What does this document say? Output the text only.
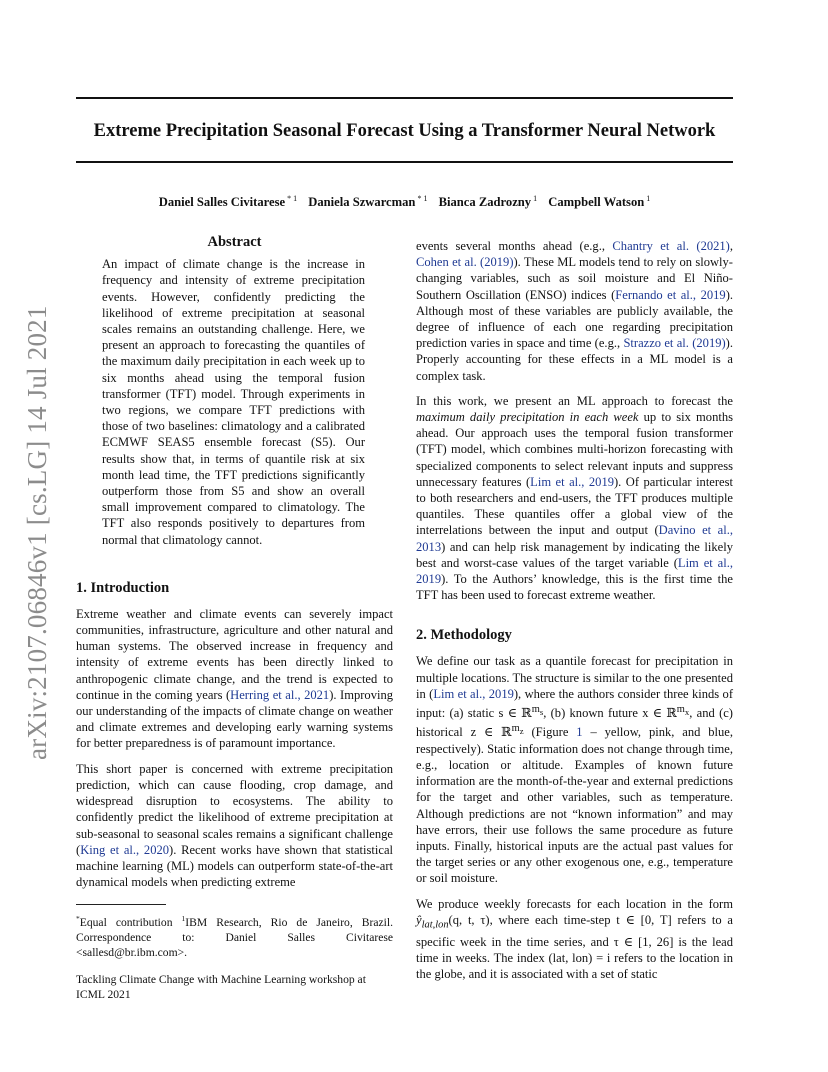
Extreme Precipitation Seasonal Forecast Using a Transformer Neural Network

Daniel Salles Civitarese $^{* 1}$ Daniela Szwarcman $^{* 1}$ Bianca Zadrozny $^1$ Campbell Watson $^1$

arXiv:2107.06846v1 [cs.LG] 14 Jul 2021
Abstract

An impact of climate change is the increase in frequency and intensity of extreme precipitation events. However, confidently predicting the likelihood of extreme precipitation at seasonal scales remains an outstanding challenge. Here, we present an approach to forecasting the quantiles of the maximum daily precipitation in each week up to six months ahead using the temporal fusion transformer (TFT) model. Through experiments in two regions, we compare TFT predictions with those of two baselines: climatology and a calibrated ECMWF SEAS5 ensemble forecast (S5). Our results show that, in terms of quantile risk at six month lead time, the TFT predictions significantly outperform those from S5 and show an overall small improvement compared to climatology. The TFT also responds positively to departures from normal that climatology cannot.

1. Introduction

Extreme weather and climate events can severely impact communities, infrastructure, agriculture and other natural and human systems. The observed increase in frequency and intensity of extreme events has been directly linked to anthropogenic climate change, and the trend is expected to continue in the coming years (Herring et al., 2021). Improving our understanding of the impacts of climate change on weather and climate extremes and developing early warning systems for better preparedness is of paramount importance.

This short paper is concerned with extreme precipitation prediction, which can cause flooding, crop damage, and widespread disruption to ecosystems. The ability to confidently predict the likelihood of extreme precipitation at sub-seasonal to seasonal scales remains a significant challenge (King et al., 2020). Recent works have shown that statistical machine learning (ML) models can outperform state-of-the-art dynamical models when predicting extreme

*Equal contribution $^1$IBM Research, Rio de Janeiro, Brazil. Correspondence to: Daniel Salles Civitarese <sallesd@br.ibm.com>.

Tackling Climate Change with Machine Learning workshop at ICML 2021

events several months ahead (e.g., Chantry et al. (2021), Cohen et al. (2019)). These ML models tend to rely on slowly-changing variables, such as soil moisture and El Niño-Southern Oscillation (ENSO) indices (Fernando et al., 2019). Although most of these variables are publicly available, the degree of influence of each one regarding precipitation prediction varies in space and time (e.g., Strazzo et al. (2019)). Properly accounting for these effects in a ML model is a complex task.

In this work, we present an ML approach to forecast the maximum daily precipitation in each week up to six months ahead. Our approach uses the temporal fusion transformer (TFT) model, which combines multi-horizon forecasting with specialized components to select relevant inputs and suppress unnecessary features (Lim et al., 2019). Of particular interest to both researchers and end-users, the TFT produces multiple quantiles. These quantiles offer a global view of the interrelations between the input and output (Davino et al., 2013) and can help risk management by indicating the likely best and worst-case values of the target variable (Lim et al., 2019). To the Authors’ knowledge, this is the first time the TFT has been used to forecast extreme weather.

2. Methodology

We define our task as a quantile forecast for precipitation in multiple locations. The structure is similar to the one presented in (Lim et al., 2019), where the authors consider three kinds of input: (a) static s ∈ ℝ$^{m_s}$, (b) known future x ∈ ℝ$^{m_x}$, and (c) historical z ∈ ℝ$^{m_z}$ (Figure 1 – yellow, pink, and blue, respectively). Static information does not change through time, e.g., location or altitude. Examples of known future information are the month-of-the-year and external predictions for the target and other variables, such as temperature. Although predictions are not “known information” and may have errors, their use follows the same procedure as future inputs. Finally, historical inputs are the actual past values for the target series or any other exogenous one, e.g., temperature or soil moisture.

We produce weekly forecasts for each location in the form $ŷ_{lat,lon}(q$, t, τ), where each time-step t ∈ [0, T] refers to a specific week in the time series, and τ ∈ [1, 26] is the lead time in weeks. The index (lat, lon) = i refers to the location in the globe, and it is associated with a set of static
